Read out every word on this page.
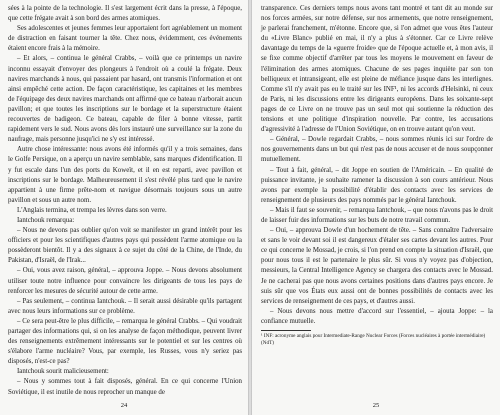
sées à la pointe de la technologie. Il s'est largement écrit dans la presse, à l'époque, que cette frégate avait à son bord des armes atomiques.

Ses adolescentes et jeunes femmes leur apportaient fort agréablement un moment de distraction en faisant tourner la tête. Chez nous, évidemment, ces événements étaient encore frais à la mémoire.

– Et alors, – continua le général Crabbs, – voilà que ce printemps un navire inconnu essayait d'envoyer des plongeurs à l'endroit où a coulé la frégate. Deux navires marchands à nous, qui passaient par hasard, ont transmis l'information et ont ainsi empêché cette action. De façon caractéristique, les capitaines et les membres de l'équipage des deux navires marchands ont affirmé que ce bateau n'arborait aucun pavillon; et que toutes les inscriptions sur le bordage et la superstructure étaient recouvertes de badigeon. Ce bateau, capable de filer à bonne vitesse, partit rapidement vers le sud. Nous avons dès lors instauré une surveillance sur la zone du naufrage, mais personne jusqu'ici ne s'y est intéressé.

Autre chose intéressante: nous avons été informés qu'il y a trois semaines, dans le Golfe Persique, on a aperçu un navire semblable, sans marques d'identification. Il y fut escale dans l'un des ports du Koweït, et il en est reparti, avec pavillon et inscriptions sur le bordage. Malheureusement il s'est révélé plus tard que le navire appartient à une firme prête-nom et navigue désormais toujours sous un autre pavillon et sous un autre nom.

L'Anglais termina, et trempa les lèvres dans son verre.

Iantchouk remarqua:

– Nous ne devons pas oublier qu'on voit se manifester un grand intérêt pour les officiers et pour les scientifiques d'autres pays qui possèdent l'arme atomique ou la possèderont bientôt. Il y a des signaux à ce sujet du côté de la Chine, de l'Inde, du Pakistan, d'Israël, de l'Irak...

– Oui, vous avez raison, général, – approuva Joppe. – Nous devons absolument utiliser toute notre influence pour convaincre les dirigeants de tous les pays de renforcer les mesures de sécurité autour de cette arme.

– Pas seulement, – continua Iantchouk. – Il serait aussi désirable qu'ils partagent avec nous leurs informations sur ce problème.

– Ce sera peut-être le plus difficile, – remarqua le général Crabbs. – Qui voudrait partager des informations qui, si on les analyse de façon méthodique, peuvent livrer des renseignements extrêmement intéressants sur le potentiel et sur les centres où s'élabore l'arme nucléaire? Vous, par exemple, les Russes, vous n'y seriez pas disposés, n'est-ce pas?

Iantchouk sourit malicieusement:

– Nous y sommes tout à fait disposés, général. En ce qui concerne l'Union Soviétique, il est inutile de nous reprocher un manque de

24

transparence. Ces derniers temps nous avons tant montré et tant dit au monde sur nos forces armées, sur notre défense, sur nos armements, que notre renseignement, je parlerai franchement, m'étonne. Encore que, si l'on admet que vous êtes l'auteur du «Livre Blanc» publié en mai, il n'y a plus à s'étonner. Car ce Livre relève davantage du temps de la «guerre froide» que de l'époque actuelle et, à mon avis, il se fixe comme objectif d'arrêter par tous les moyens le mouvement en faveur de l'élimination des armes atomiques. Chacune de ses pages inquiète par son ton belliqueux et intransigeant, elle est pleine de méfiance jusque dans les interlignes. Comme s'il n'y avait pas eu le traité sur les INF¹, ni les accords d'Helsinki, ni ceux de Paris, ni les discussions entre les dirigeants européens. Dans les soixante-sept pages de ce Livre on ne trouve pas un seul mot qui soutienne la réduction des tensions et une politique d'inspiration nouvelle. Par contre, les accusations d'agressivité à l'adresse de l'Union Soviétique, on en trouve autant qu'on veut.

– Général, – Dowle regardait Crabbs, – nous sommes réunis ici sur l'ordre de nos gouvernements dans un but qui n'est pas de nous accuser et de nous soupçonner mutuellement.

– Tout à fait, général, – dit Joppe en soutien de l'Américain. – En qualité de puissance invitante, je souhaite ramener la discussion à son cours antérieur. Nous avons par exemple la possibilité d'établir des contacts avec les services de renseignement de plusieurs des pays nommés par le général Iantchouk.

– Mais il faut se souvenir, – remarqua Iantchouk, – que nous n'avons pas le droit de laisser fuir des informations sur les buts de notre travail commun.

– Oui, – approuva Dowle d'un hochement de tête. – Sans connaître l'adversaire et sans le voir devant soi il est dangereux d'étaler ses cartes devant les autres. Pour ce qui concerne le Mossad, je crois, si l'on prend en compte la situation d'Israël, que pour nous tous il est le partenaire le plus sûr. Si vous n'y voyez pas d'objection, messieurs, la Central Intelligence Agency se chargera des contacts avec le Mossad. Je ne cacherai pas que nous avons certaines positions dans d'autres pays encore. Je suis sûr que vos États eux aussi ont de bonnes possibilités de contacts avec les services de renseignement de ces pays, et d'autres aussi.

– Nous devons nous mettre d'accord sur l'essentiel, – ajouta Joppe: – la confiance mutuelle.

¹ INF: acronyme anglais pour Intermediate-Range Nuclear Forces (Forces nucléaires à portée intermédiaire) (NdT)
25
